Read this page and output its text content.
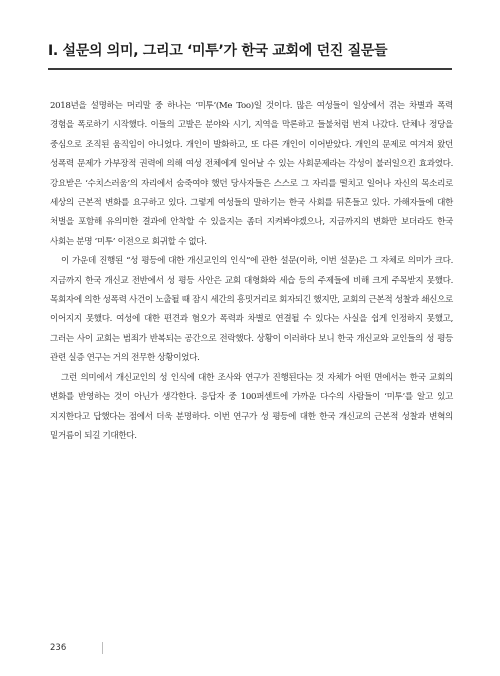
Ⅰ. 설문의 의미, 그리고 ‘미투’가 한국 교회에 던진 질문들

2018년을 설명하는 머리말 중 하나는 ‘미투’(Me Too)일 것이다. 많은 여성들이 일상에서 겪는 차별과 폭력 경험을 폭로하기 시작했다. 이들의 고발은 분야와 시기, 지역을 막론하고 들불처럼 번져 나갔다. 단체나 정당을 중심으로 조직된 움직임이 아니었다. 개인이 발화하고, 또 다른 개인이 이어받았다. 개인의 문제로 여겨져 왔던 성폭력 문제가 가부장적 권력에 의해 여성 전체에게 일어날 수 있는 사회문제라는 각성이 불러일으킨 효과였다. 강요받은 ‘수치스러움’의 자리에서 숨죽여야 했던 당사자들은 스스로 그 자리를 떨치고 일어나 자신의 목소리로 세상의 근본적 변화를 요구하고 있다. 그렇게 여성들의 말하기는 한국 사회를 뒤흔들고 있다. 가해자들에 대한 처벌을 포함해 유의미한 결과에 안착할 수 있을지는 좀더 지켜봐야겠으나, 지금까지의 변화만 보더라도 한국 사회는 분명 ‘미투’ 이전으로 회귀할 수 없다.

이 가운데 진행된 “성 평등에 대한 개신교인의 인식”에 관한 설문(이하, 이번 설문)은 그 자체로 의미가 크다. 지금까지 한국 개신교 전반에서 성 평등 사안은 교회 대형화와 세습 등의 주제들에 비해 크게 주목받지 못했다. 목회자에 의한 성폭력 사건이 노출될 때 잠시 세간의 흥밋거리로 회자되긴 했지만, 교회의 근본적 성찰과 쇄신으로 이어지지 못했다. 여성에 대한 편견과 혐오가 폭력과 차별로 연결될 수 있다는 사실을 쉽게 인정하지 못했고, 그러는 사이 교회는 범죄가 반복되는 공간으로 전락했다. 상황이 이러하다 보니 한국 개신교와 교인들의 성 평등 관련 실증 연구는 거의 전무한 상황이었다.

그런 의미에서 개신교인의 성 인식에 대한 조사와 연구가 진행된다는 것 자체가 어떤 면에서는 한국 교회의 변화를 반영하는 것이 아닌가 생각한다. 응답자 중 100퍼센트에 가까운 다수의 사람들이 ‘미투’를 알고 있고 지지한다고 답했다는 점에서 더욱 분명하다. 이번 연구가 성 평등에 대한 한국 개신교의 근본적 성찰과 변혁의 밑거름이 되길 기대한다.

236
